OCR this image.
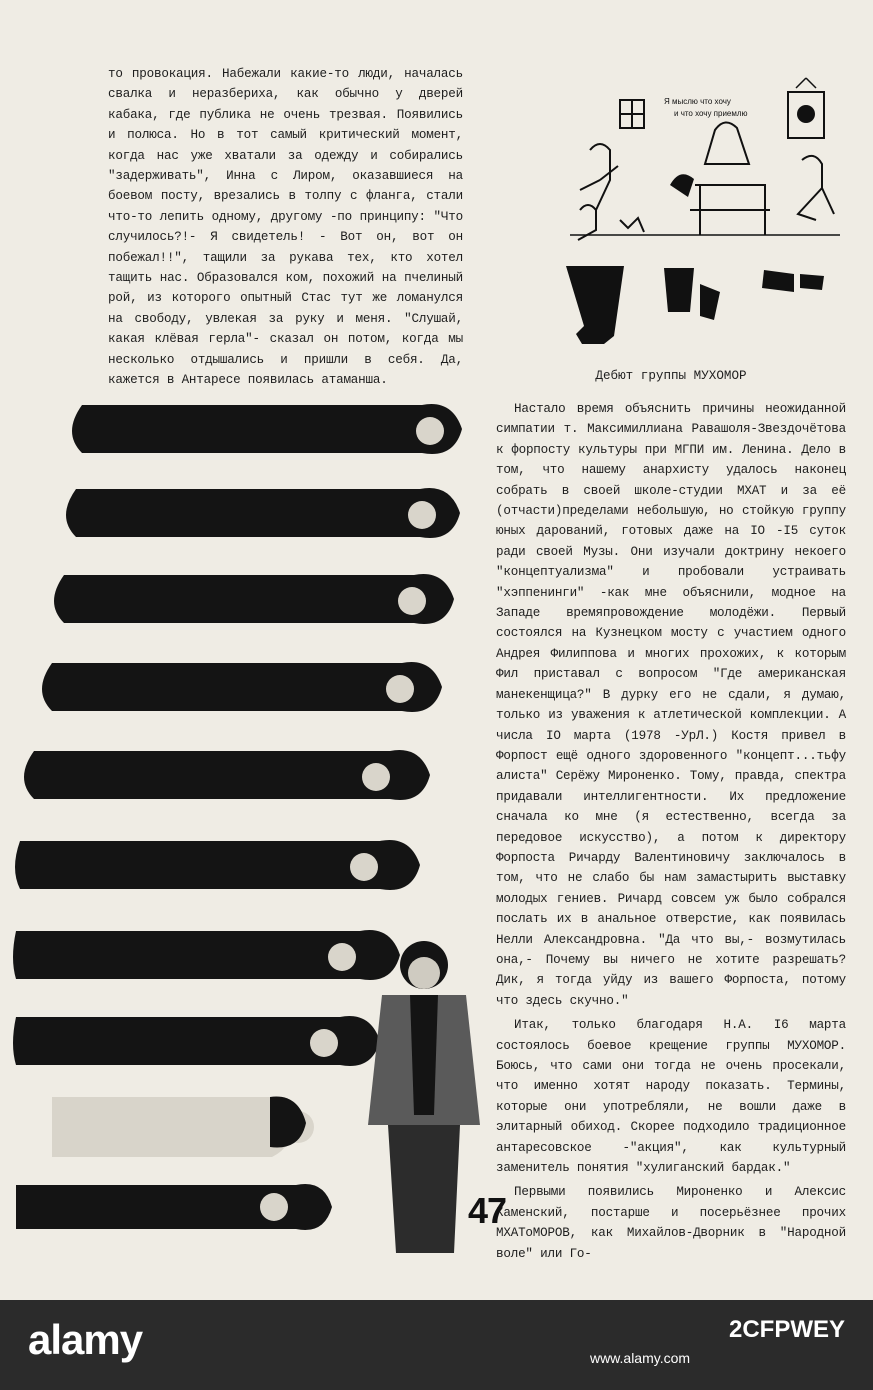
то провокация. Набежали какие-то люди, началась свалка и неразбериха, как обычно у дверей кабака, где публика не очень трезвая. Появились и полюса. Но в тот самый критический момент, когда нас уже хватали за одежду и собирались "задерживать", Инна с Лиром, оказавшиеся на боевом посту, врезались в толпу с фланга, стали что-то лепить одному, другому -по принципу: "Что случилось?!- Я свидетель! - Вот он, вот он побежал!!", тащили за рукава тех, кто хотел тащить нас. Образовался ком, похожий на пчелиный рой, из которого опытный Стас тут же ломанулся на свободу, увлекая за руку и меня. "Слушай, какая клёвая герла"- сказал он потом, когда мы несколько отдышались и пришли в себя. Да, кажется в Антаресе появилась атаманша.

Я мыслю что хочу
и что хочу приемлю
Дебют группы МУХОМОР

Настало время объяснить причины неожиданной симпатии т. Максимиллиана Равашоля-Звездочётова к форпосту культуры при МГПИ им. Ленина. Дело в том, что нашему анархисту удалось наконец собрать в своей школе-студии МХАТ и за её (отчасти)пределами небольшую, но стойкую группу юных дарований, готовых даже на IO -I5 суток ради своей Музы. Они изучали доктрину некоего "концептуализма" и пробовали устраивать "хэппенинги" -как мне объяснили, модное на Западе времяпровождение молодёжи. Первый состоялся на Кузнецком мосту с участием одного Андрея Филиппова и многих прохожих, к которым Фил приставал с вопросом "Где американская манекенщица?" В дурку его не сдали, я думаю, только из уважения к атлетической комплекции. А числа IO марта (1978 -УрЛ.) Костя привел в Форпост ещё одного здоровенного "концепт...тьфу алиста" Серёжу Мироненко. Тому, правда, спектра придавали интеллигентности. Их предложение сначала ко мне (я естественно, всегда за передовое искусство), а потом к директору Форпоста Ричарду Валентиновичу заключалось в том, что не слабо бы нам замастырить выставку молодых гениев. Ричард совсем уж было собрался послать их в анальное отверстие, как появилась Нелли Александровна. "Да что вы,- возмутилась она,- Почему вы ничего не хотите разрешать? Дик, я тогда уйду из вашего Форпоста, потому что здесь скучно."

Итак, только благодаря Н.А. I6 марта состоялось боевое крещение группы МУХОМОР. Боюсь, что сами они тогда не очень просекали, что именно хотят народу показать. Термины, которые они употребляли, не вошли даже в элитарный обиход. Скорее подходило традиционное антаресовское -"акция", как культурный заменитель понятия "хулиганский бардак."

Первыми появились Мироненко и Алексис Каменский, постарше и посерьёзнее прочих МХАТоМОРОВ, как Михайлов-Дворник в "Народной воле" или Го-

47
alamy	www.alamy.com
2CFPWEY
